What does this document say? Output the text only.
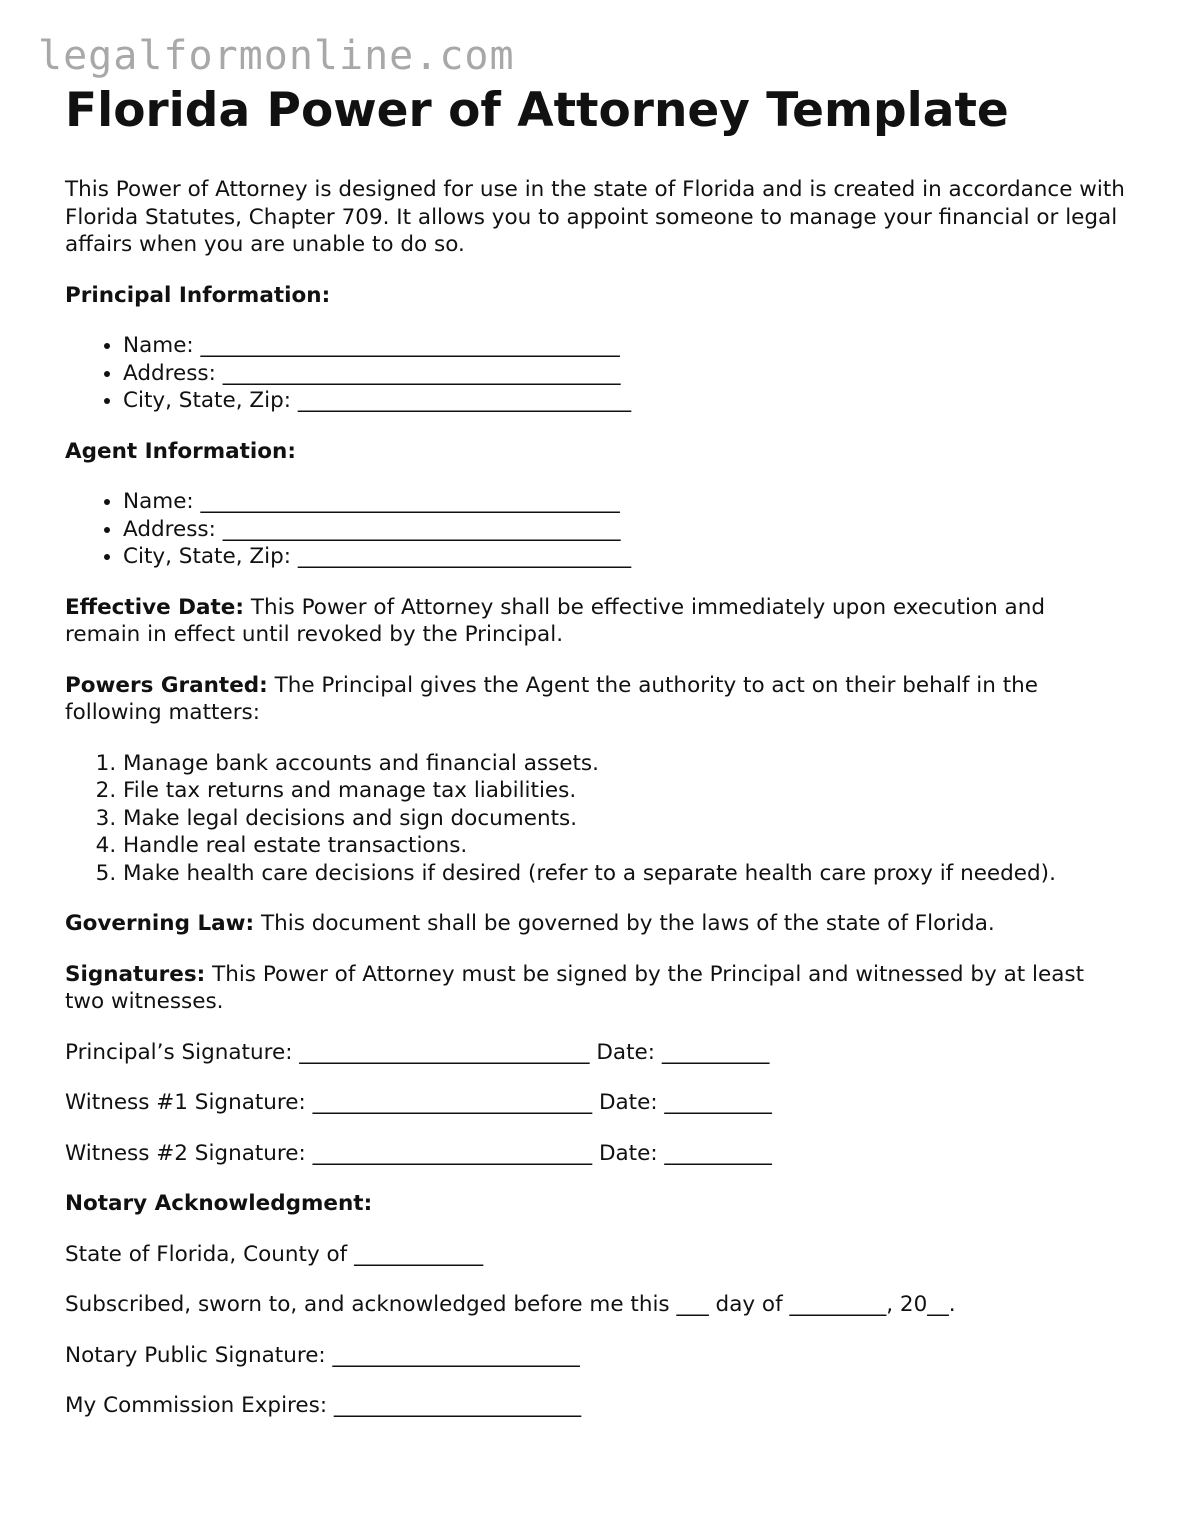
legalformonline.com
Florida Power of Attorney Template

This Power of Attorney is designed for use in the state of Florida and is created in accordance with Florida Statutes, Chapter 709. It allows you to appoint someone to manage your financial or legal affairs when you are unable to do so.

Principal Information:
• Name: _______________________________________
• Address: _____________________________________
• City, State, Zip: _______________________________
Agent Information:
• Name: _______________________________________
• Address: _____________________________________
• City, State, Zip: _______________________________

Effective Date: This Power of Attorney shall be effective immediately upon execution and remain in effect until revoked by the Principal.

Powers Granted: The Principal gives the Agent the authority to act on their behalf in the following matters:

1. Manage bank accounts and financial assets.
2. File tax returns and manage tax liabilities.
3. Make legal decisions and sign documents.
4. Handle real estate transactions.
5. Make health care decisions if desired (refer to a separate health care proxy if needed).

Governing Law: This document shall be governed by the laws of the state of Florida.

Signatures: This Power of Attorney must be signed by the Principal and witnessed by at least two witnesses.

Principal’s Signature: ___________________________ Date: __________

Witness #1 Signature: __________________________ Date: __________

Witness #2 Signature: __________________________ Date: __________

Notary Acknowledgment:

State of Florida, County of ____________

Subscribed, sworn to, and acknowledged before me this ___ day of _________, 20__.

Notary Public Signature: _______________________

My Commission Expires: _______________________
